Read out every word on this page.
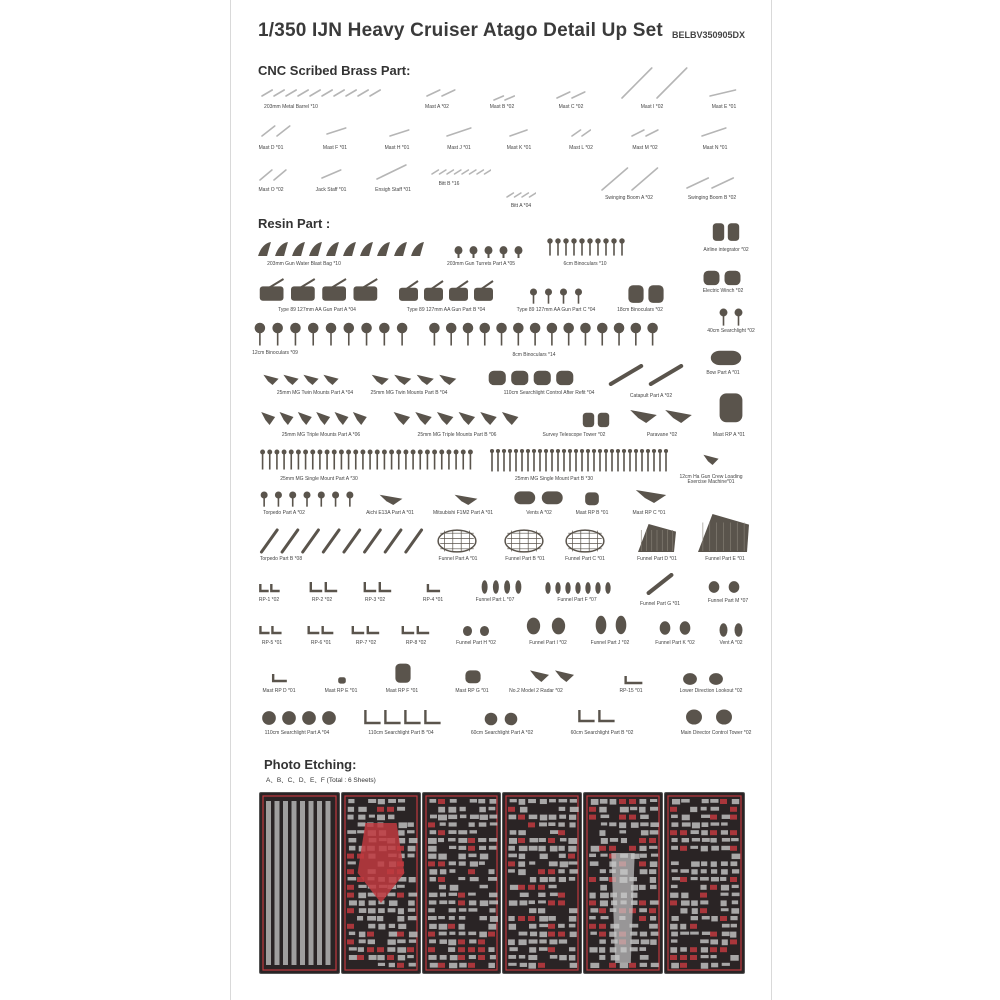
1/350 IJN Heavy Cruiser Atago Detail Up Set BELBV350905DX
CNC Scribed Brass Part:
Resin Part :
Photo Etching:
A、B、C、D、E、F (Total : 6 Sheets)
203mm Metal Barrel *10	Mast A *02	Mast B *02	Mast C *02	Mast I *02	Mast E *01
Mast D *01	Mast F *01	Mast H *01	Mast J *01	Mast K *01	Mast L *02	Mast M *02	Mast N *01
Mast O *02	Jack Staff *01	Ensigh Staff *01
Bitt B *16
Bitt A *04
Swinging Boom A *02	Swinging Boom B *02
203mm Gun Water Blast Bag *10	203mm Gun Turrets Part A *05	6cm Binoculars *10
Airline integrator *02
Type 89 127mm AA Gun Part A *04	Type 89 127mm AA Gun Part B *04	Type 89 127mm AA Gun Part C *04	18cm Binoculars *02
Electric Winch *02
12cm Binoculars *09	8cm Binoculars *14
40cm Searchlight *02
25mm MG Twin Mounts Part A *04	25mm MG Twin Mounts Part B *04	110cm Searchlight Control After Refit *04	Catapult Part A *02
Bow Part A *01
25mm MG Triple Mounts Part A *06	25mm MG Triple Mounts Part B *06	Survey Telescope Tower *02	Paravane *02	Mast RP A *01
25mm MG Single Mount Part A *30	25mm MG Single Mount Part B *30	12cm Ha Gun Crew Loading
Exercise Machine*01
Torpedo Part A *02	Aichi E13A Part A *01	Mitsubishi F1M2 Part A *01	Vents A *02	Mast RP B *01	Mast RP C *01
Torpedo Part B *08	Funnel Part A *01	Funnel Part B *01	Funnel Part C *01	Funnel Part D *01	Funnel Part E *01
RP-1 *02	RP-2 *02	RP-3 *02	RP-4 *01	Funnel Part L *07	Funnel Part F *07
Funnel Part G *01	Funnel Part M *07
RP-5 *01	RP-6 *01	RP-7 *02	RP-8 *02	Funnel Part H *02	Funnel Part I *02	Funnel Part J *02	Funnel Part K *02	Vent A *02
Mast RP D *01	Mast RP E *01	Mast RP F *01	Mast RP G *01	No.2 Model 2 Radar *02	RP-15 *01	Lower Direction Lookout *02
110cm Searchlight Part A *04	110cm Searchlight Part B *04	60cm Searchlight Part A *02	60cm Searchlight Part B *02	Main Director Control Tower *02
